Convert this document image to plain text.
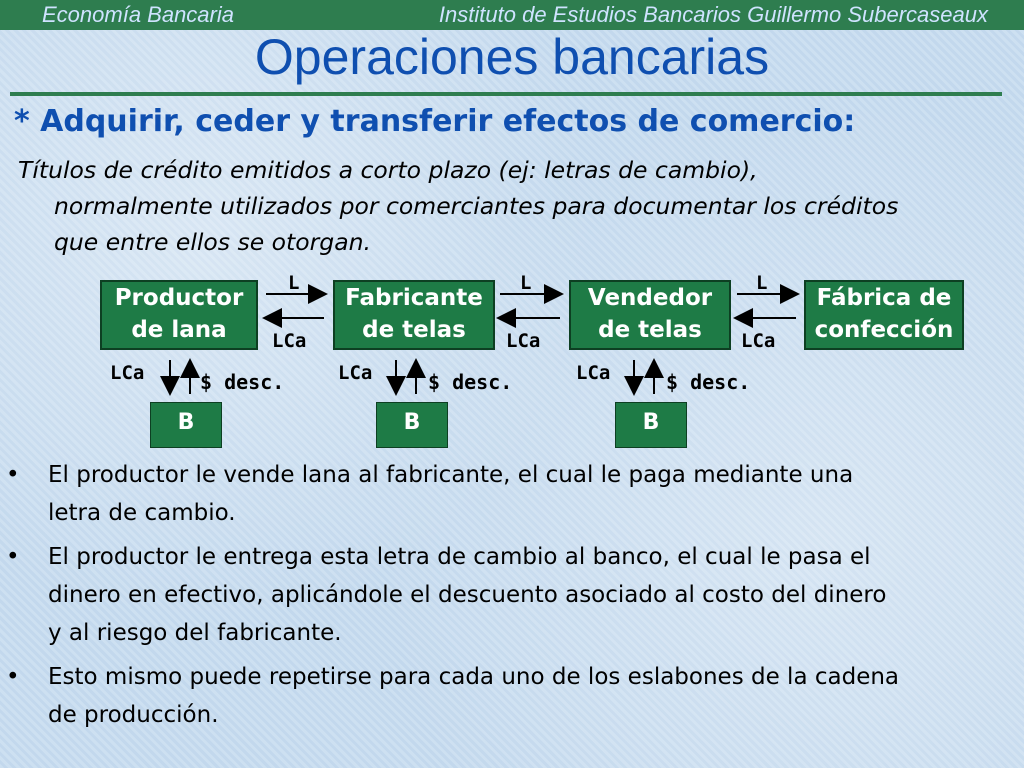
Economía Bancaria	Instituto de Estudios Bancarios Guillermo Subercaseaux
Operaciones bancarias
* Adquirir, ceder y transferir efectos de comercio:
Títulos de crédito emitidos a corto plazo (ej: letras de cambio),
normalmente utilizados por comerciantes para documentar los créditos
que entre ellos se otorgan.
Productor
de lana
Fabricante
de telas
Vendedor
de telas
Fábrica de
confección
L	L	L
LCa	LCa	LCa
LCa	LCa	LCa
$ desc.	$ desc.	$ desc.
B	B	B
• El productor le vende lana al fabricante, el cual le paga mediante una
letra de cambio.
• El productor le entrega esta letra de cambio al banco, el cual le pasa el
dinero en efectivo, aplicándole el descuento asociado al costo del dinero
y al riesgo del fabricante.
• Esto mismo puede repetirse para cada uno de los eslabones de la cadena
de producción.
